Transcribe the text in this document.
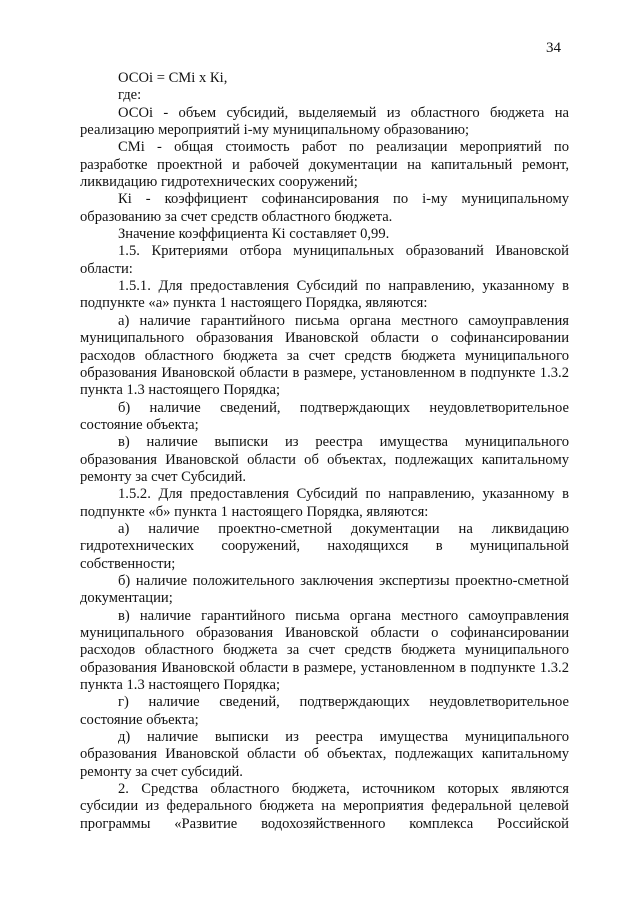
34

ОСОi = СМi x Кi,

где:

ОСОi - объем субсидий, выделяемый из областного бюджета на реализацию мероприятий i-му муниципальному образованию;

СМi - общая стоимость работ по реализации мероприятий по разработке проектной и рабочей документации на капитальный ремонт, ликвидацию гидротехнических сооружений;

Кi - коэффициент софинансирования по i-му муниципальному образованию за счет средств областного бюджета.

Значение коэффициента Кi составляет 0,99.

1.5. Критериями отбора муниципальных образований Ивановской области:

1.5.1. Для предоставления Субсидий по направлению, указанному в подпункте «а» пункта 1 настоящего Порядка, являются:

а) наличие гарантийного письма органа местного самоуправления муниципального образования Ивановской области о софинансировании расходов областного бюджета за счет средств бюджета муниципального образования Ивановской области в размере, установленном в подпункте 1.3.2 пункта 1.3 настоящего Порядка;

б) наличие сведений, подтверждающих неудовлетворительное состояние объекта;

в) наличие выписки из реестра имущества муниципального образования Ивановской области об объектах, подлежащих капитальному ремонту за счет Субсидий.

1.5.2. Для предоставления Субсидий по направлению, указанному в подпункте «б» пункта 1 настоящего Порядка, являются:

а) наличие проектно-сметной документации на ликвидацию гидротехнических сооружений, находящихся в муниципальной собственности;

б) наличие положительного заключения экспертизы проектно-сметной документации;

в) наличие гарантийного письма органа местного самоуправления муниципального образования Ивановской области о софинансировании расходов областного бюджета за счет средств бюджета муниципального образования Ивановской области в размере, установленном в подпункте 1.3.2 пункта 1.3 настоящего Порядка;

г) наличие сведений, подтверждающих неудовлетворительное состояние объекта;

д) наличие выписки из реестра имущества муниципального образования Ивановской области об объектах, подлежащих капитальному ремонту за счет субсидий.

2. Средства областного бюджета, источником которых являются субсидии из федерального бюджета на мероприятия федеральной целевой программы «Развитие водохозяйственного комплекса Российской
